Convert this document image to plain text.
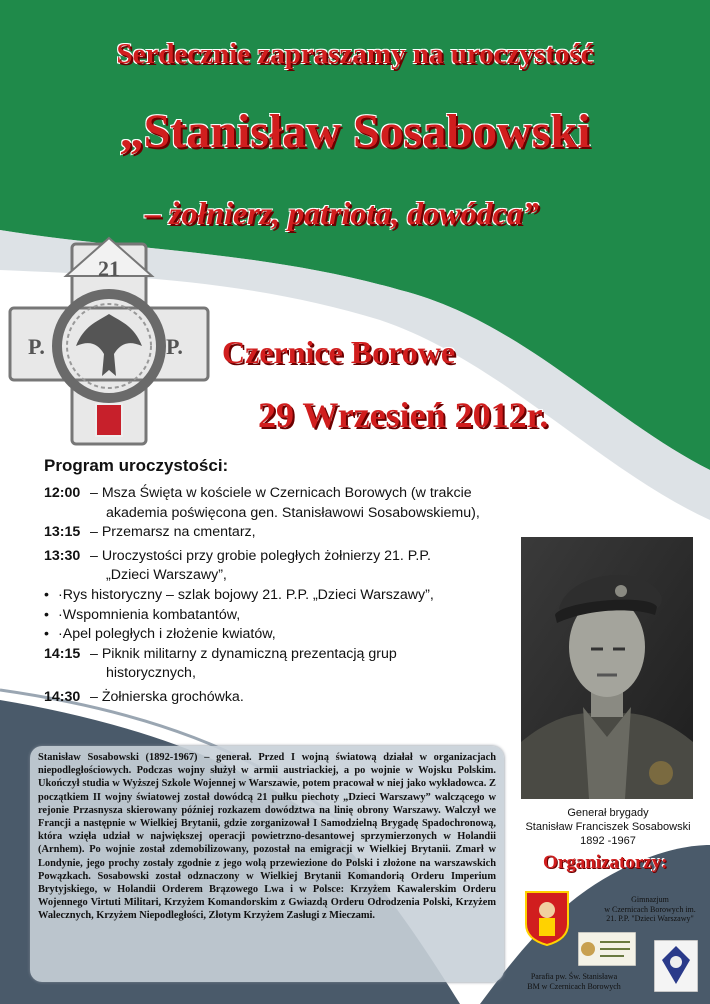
Serdecznie zapraszamy na uroczystość
„Stanisław Sosabowski
– żołnierz, patriota, dowódca”
21
P.	P. Czernice Borowe
29 Wrzesień 2012r.
Program uroczystości:
12:00 – Msza Święta w kościele w Czernicach Borowych (w trakcie
akademia poświęcona gen. Stanisławowi Sosabowskiemu),
13:15 – Przemarsz na cmentarz,
13:30 – Uroczystości przy grobie poległych żołnierzy 21. P.P.
„Dzieci Warszawy”,
• ·Rys historyczny – szlak bojowy 21. P.P. „Dzieci Warszawy”,
• ·Wspomnienia kombatantów,
• ·Apel poległych i złożenie kwiatów,
14:15 – Piknik militarny z dynamiczną prezentacją grup
historycznych,
14:30 – Żołnierska grochówka.
Generał brygady
Stanisław Franciszek Sosabowski
1892 -1967

Stanisław Sosabowski (1892-1967) – generał. Przed I wojną światową działał w organizacjach niepodległościowych. Podczas wojny służył w armii austriackiej, a po wojnie w Wojsku Polskim. Ukończył studia w Wyższej Szkole Wojennej w Warszawie, potem pracował w niej jako wykładowca. Z początkiem II wojny światowej został dowódcą 21 pułku piechoty „Dzieci Warszawy” walczącego w rejonie Przasnysza skierowany później rozkazem dowództwa na linię obrony Warszawy. Walczył we Francji a następnie w Wielkiej Brytanii, gdzie zorganizował I Samodzielną Brygadę Spadochronową, która wzięła udział w największej operacji powietrzno-desantowej sprzymierzonych w Holandii (Arnhem). Po wojnie został zdemobilizowany, pozostał na emigracji w Wielkiej Brytanii. Zmarł w Londynie, jego prochy zostały zgodnie z jego wolą przewiezione do Polski i złożone na warszawskich Powązkach. Sosabowski został odznaczony w Wielkiej Brytanii Komandorią Orderu Imperium Brytyjskiego, w Holandii Orderem Brązowego Lwa i w Polsce: Krzyżem Kawalerskim Orderu Wojennego Virtuti Militari, Krzyżem Komandorskim z Gwiazdą Orderu Odrodzenia Polski, Krzyżem Walecznych, Krzyżem Niepodległości, Złotym Krzyżem Zasługi z Mieczami.

Organizatorzy:
Gimnazjum
w Czernicach Borowych im.
21. P.P. "Dzieci Warszawy"
Parafia pw. Św. Stanisława
BM w Czernicach Borowych
